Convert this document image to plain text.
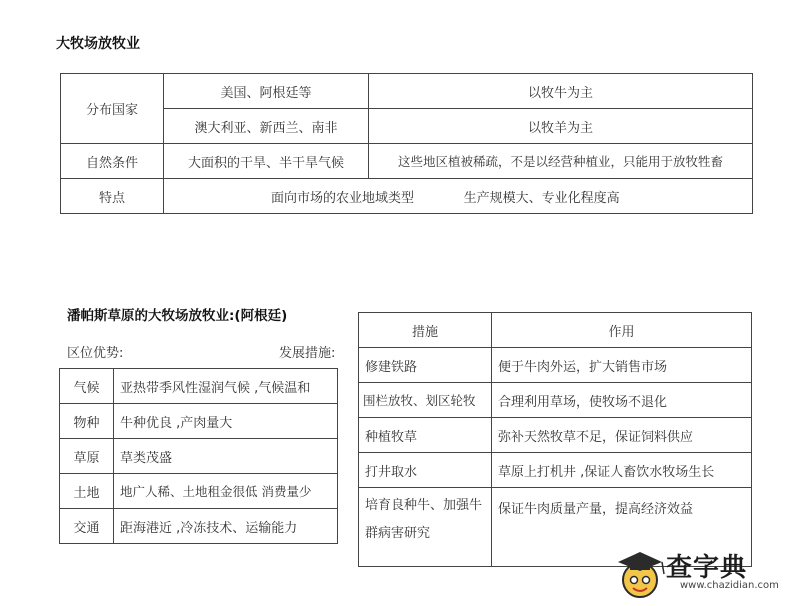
大牧场放牧业
分布国家	美国、阿根廷等	以牧牛为主
	澳大利亚、新西兰、南非	以牧羊为主
自然条件	大面积的干旱、半干旱气候	这些地区植被稀疏，不是以经营种植业，只能用于放牧牲畜
特点	面向市场的农业地域类型 生产规模大、专业化程度高	
潘帕斯草原的大牧场放牧业:(阿根廷)
区位优势:	发展措施:
气候	亚热带季风性湿润气候 ,气候温和
物种	牛种优良 ,产肉量大
草原	草类茂盛
土地	地广人稀、土地租金很低 消费量少
交通	距海港近 ,冷冻技术、运输能力
措施	作用
修建铁路	便于牛肉外运，扩大销售市场
围栏放牧、划区轮牧	合理利用草场，使牧场不退化
种植牧草	弥补天然牧草不足，保证饲料供应
打井取水	草原上打机井 ,保证人畜饮水牧场生长
培育良种牛、加强牛群病害研究	保证牛肉质量产量，提高经济效益
查字典
www.chazidian.com
